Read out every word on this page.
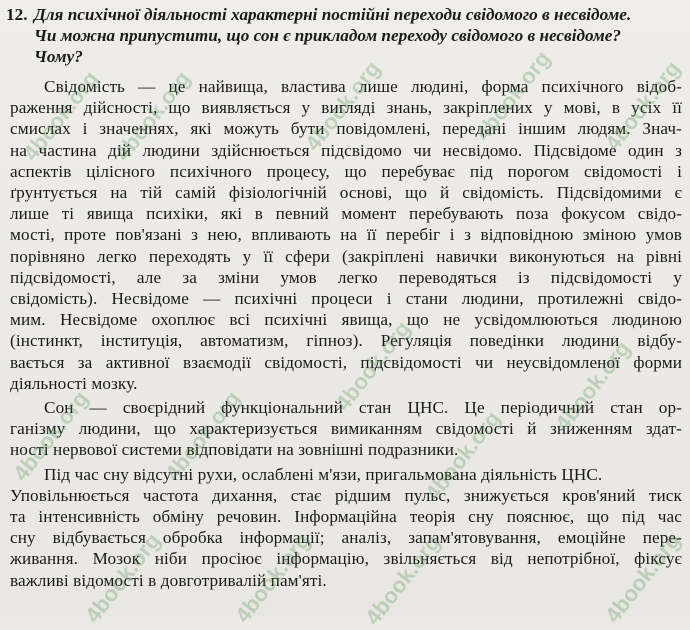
12. Для психічної діяльності характерні постійні переходи свідомого в несвідоме.
Чи можна припустити, що сон є прикладом переходу свідомого в несвідоме?
Чому?
Свідомість — це найвища, властива лише людині, форма психічного відоб-
раження дійсності, що виявляється у вигляді знань, закріплених у мові, в усіх її
смислах і значеннях, які можуть бути повідомлені, передані іншим людям. Знач-
на частина дій людини здійснюється підсвідомо чи несвідомо. Підсвідоме один з
аспектів цілісного психічного процесу, що перебуває під порогом свідомості і
ґрунтується на тій самій фізіологічній основі, що й свідомість. Підсвідомими є
лише ті явища психіки, які в певний момент перебувають поза фокусом свідо-
мості, проте пов'язані з нею, впливають на її перебіг і з відповідною зміною умов
порівняно легко переходять у її сфери (закріплені навички виконуються на рівні
підсвідомості, але за зміни умов легко переводяться із підсвідомості у
свідомість). Несвідоме — психічні процеси і стани людини, протилежні свідо-
мим. Несвідоме охоплює всі психічні явища, що не усвідомлюються людиною
(інстинкт, інституція, автоматизм, гіпноз). Регуляція поведінки людини відбу-
вається за активної взаємодії свідомості, підсвідомості чи неусвідомленої форми
діяльності мозку.
Сон — своєрідний функціональний стан ЦНС. Це періодичний стан ор-
ганізму людини, що характеризується вимиканням свідомості й зниженням здат-
ності нервової системи відповідати на зовнішні подразники.
Під час сну відсутні рухи, ослаблені м'язи, пригальмована діяльність ЦНС.
Уповільнюється частота дихання, стає рідшим пульс, знижується кров'яний тиск
та інтенсивність обміну речовин. Інформаційна теорія сну пояснює, що під час
сну відбувається обробка інформації; аналіз, запам'ятовування, емоційне пере-
живання. Мозок ніби просіює інформацію, звільняється від непотрібної, фіксує
важливі відомості в довготривалій пам'яті.
4book.org 4book.org	4book.org	4book.org 4book.org
4book.org	4book.org
4book.org
4book.org
4book.org
4book.org	4book.org 4book.org	4book.org
